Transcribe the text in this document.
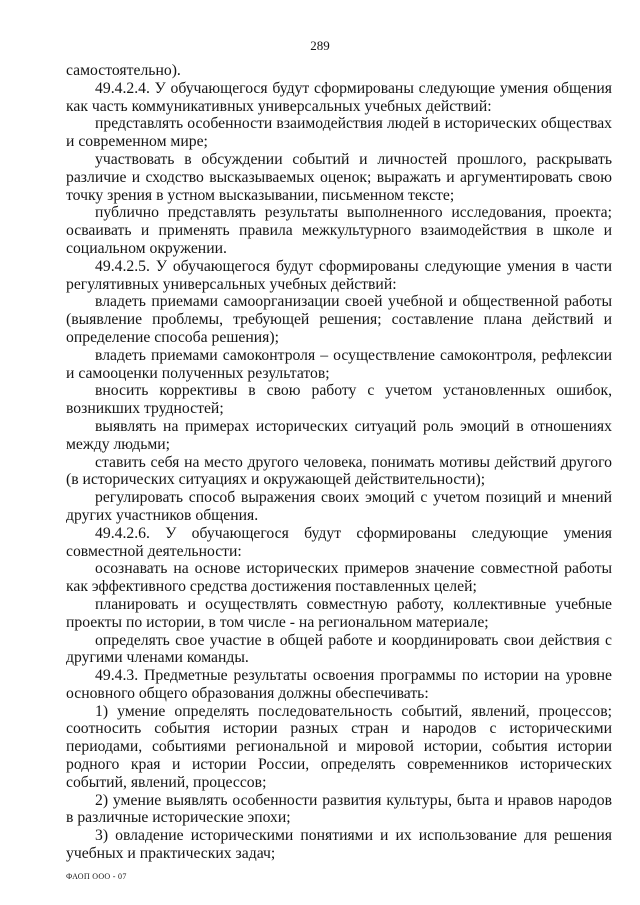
289

самостоятельно).

49.4.2.4. У обучающегося будут сформированы следующие умения общения как часть коммуникативных универсальных учебных действий:

представлять особенности взаимодействия людей в исторических обществах и современном мире;

участвовать в обсуждении событий и личностей прошлого, раскрывать различие и сходство высказываемых оценок; выражать и аргументировать свою точку зрения в устном высказывании, письменном тексте;

публично представлять результаты выполненного исследования, проекта; осваивать и применять правила межкультурного взаимодействия в школе и социальном окружении.

49.4.2.5. У обучающегося будут сформированы следующие умения в части регулятивных универсальных учебных действий:

владеть приемами самоорганизации своей учебной и общественной работы (выявление проблемы, требующей решения; составление плана действий и определение способа решения);

владеть приемами самоконтроля – осуществление самоконтроля, рефлексии и самооценки полученных результатов;

вносить коррективы в свою работу с учетом установленных ошибок, возникших трудностей;

выявлять на примерах исторических ситуаций роль эмоций в отношениях между людьми;

ставить себя на место другого человека, понимать мотивы действий другого (в исторических ситуациях и окружающей действительности);

регулировать способ выражения своих эмоций с учетом позиций и мнений других участников общения.

49.4.2.6. У обучающегося будут сформированы следующие умения совместной деятельности:

осознавать на основе исторических примеров значение совместной работы как эффективного средства достижения поставленных целей;

планировать и осуществлять совместную работу, коллективные учебные проекты по истории, в том числе - на региональном материале;

определять свое участие в общей работе и координировать свои действия с другими членами команды.

49.4.3. Предметные результаты освоения программы по истории на уровне основного общего образования должны обеспечивать:

1) умение определять последовательность событий, явлений, процессов; соотносить события истории разных стран и народов с историческими периодами, событиями региональной и мировой истории, события истории родного края и истории России, определять современников исторических событий, явлений, процессов;

2) умение выявлять особенности развития культуры, быта и нравов народов в различные исторические эпохи;

3) овладение историческими понятиями и их использование для решения учебных и практических задач;

ФАОП ООО - 07
